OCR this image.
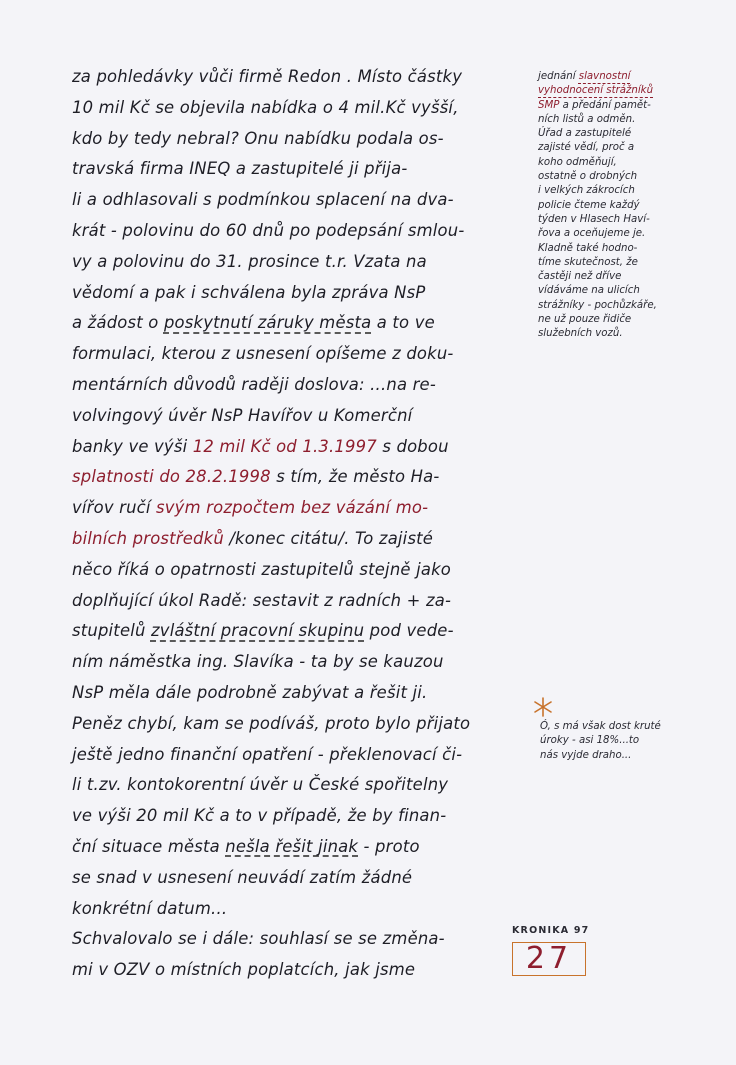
za pohledávky vůči firmě Redon . Místo částky
10 mil Kč se objevila nabídka o 4 mil.Kč vyšší,
kdo by tedy nebral? Onu nabídku podala os-
travská firma INEQ a zastupitelé ji přija-
li a odhlasovali s podmínkou splacení na dva-
krát - polovinu do 60 dnů po podepsání smlou-
vy a polovinu do 31. prosince t.r. Vzata na
vědomí a pak i schválena byla zpráva NsP
a žádost o poskytnutí záruky města a to ve
formulaci, kterou z usnesení opíšeme z doku-
mentárních důvodů raději doslova: ...na re-
volvingový úvěr NsP Havířov u Komerční
banky ve výši 12 mil Kč od 1.3.1997 s dobou
splatnosti do 28.2.1998 s tím, že město Ha-
vířov ručí svým rozpočtem bez vázání mo-
bilních prostředků /konec citátu/. To zajisté
něco říká o opatrnosti zastupitelů stejně jako
doplňující úkol Radě: sestavit z radních + za-
stupitelů zvláštní pracovní skupinu pod vede-
ním náměstka ing. Slavíka - ta by se kauzou
NsP měla dále podrobně zabývat a řešit ji.
Peněz chybí, kam se podíváš, proto bylo přijato
ještě jedno finanční opatření - překlenovací či-
li t.zv. kontokorentní úvěr u České spořitelny
ve výši 20 mil Kč a to v případě, že by finan-
ční situace města nešla řešit jinak - proto
se snad v usnesení neuvádí zatím žádné
konkrétní datum...
Schvalovalo se i dále: souhlasí se se změna-
mi v OZV o místních poplatcích, jak jsme
jednání slavnostní
vyhodnocení strážníků
SMP a předání pamět-
ních listů a odměn.
Úřad a zastupitelé
zajisté vědí, proč a
koho odměňují,
ostatně o drobných
i velkých zákrocích
policie čteme každý
týden v Hlasech Haví-
řova a oceňujeme je.
Kladně také hodno-
tíme skutečnost, že
častěji než dříve
vídáváme na ulicích
strážníky - pochůzkáře,
ne už pouze řidiče
služebních vozů.
Ó, s má však dost kruté
úroky - asi 18%...to
nás vyjde draho...
KRONIKA 97
27
